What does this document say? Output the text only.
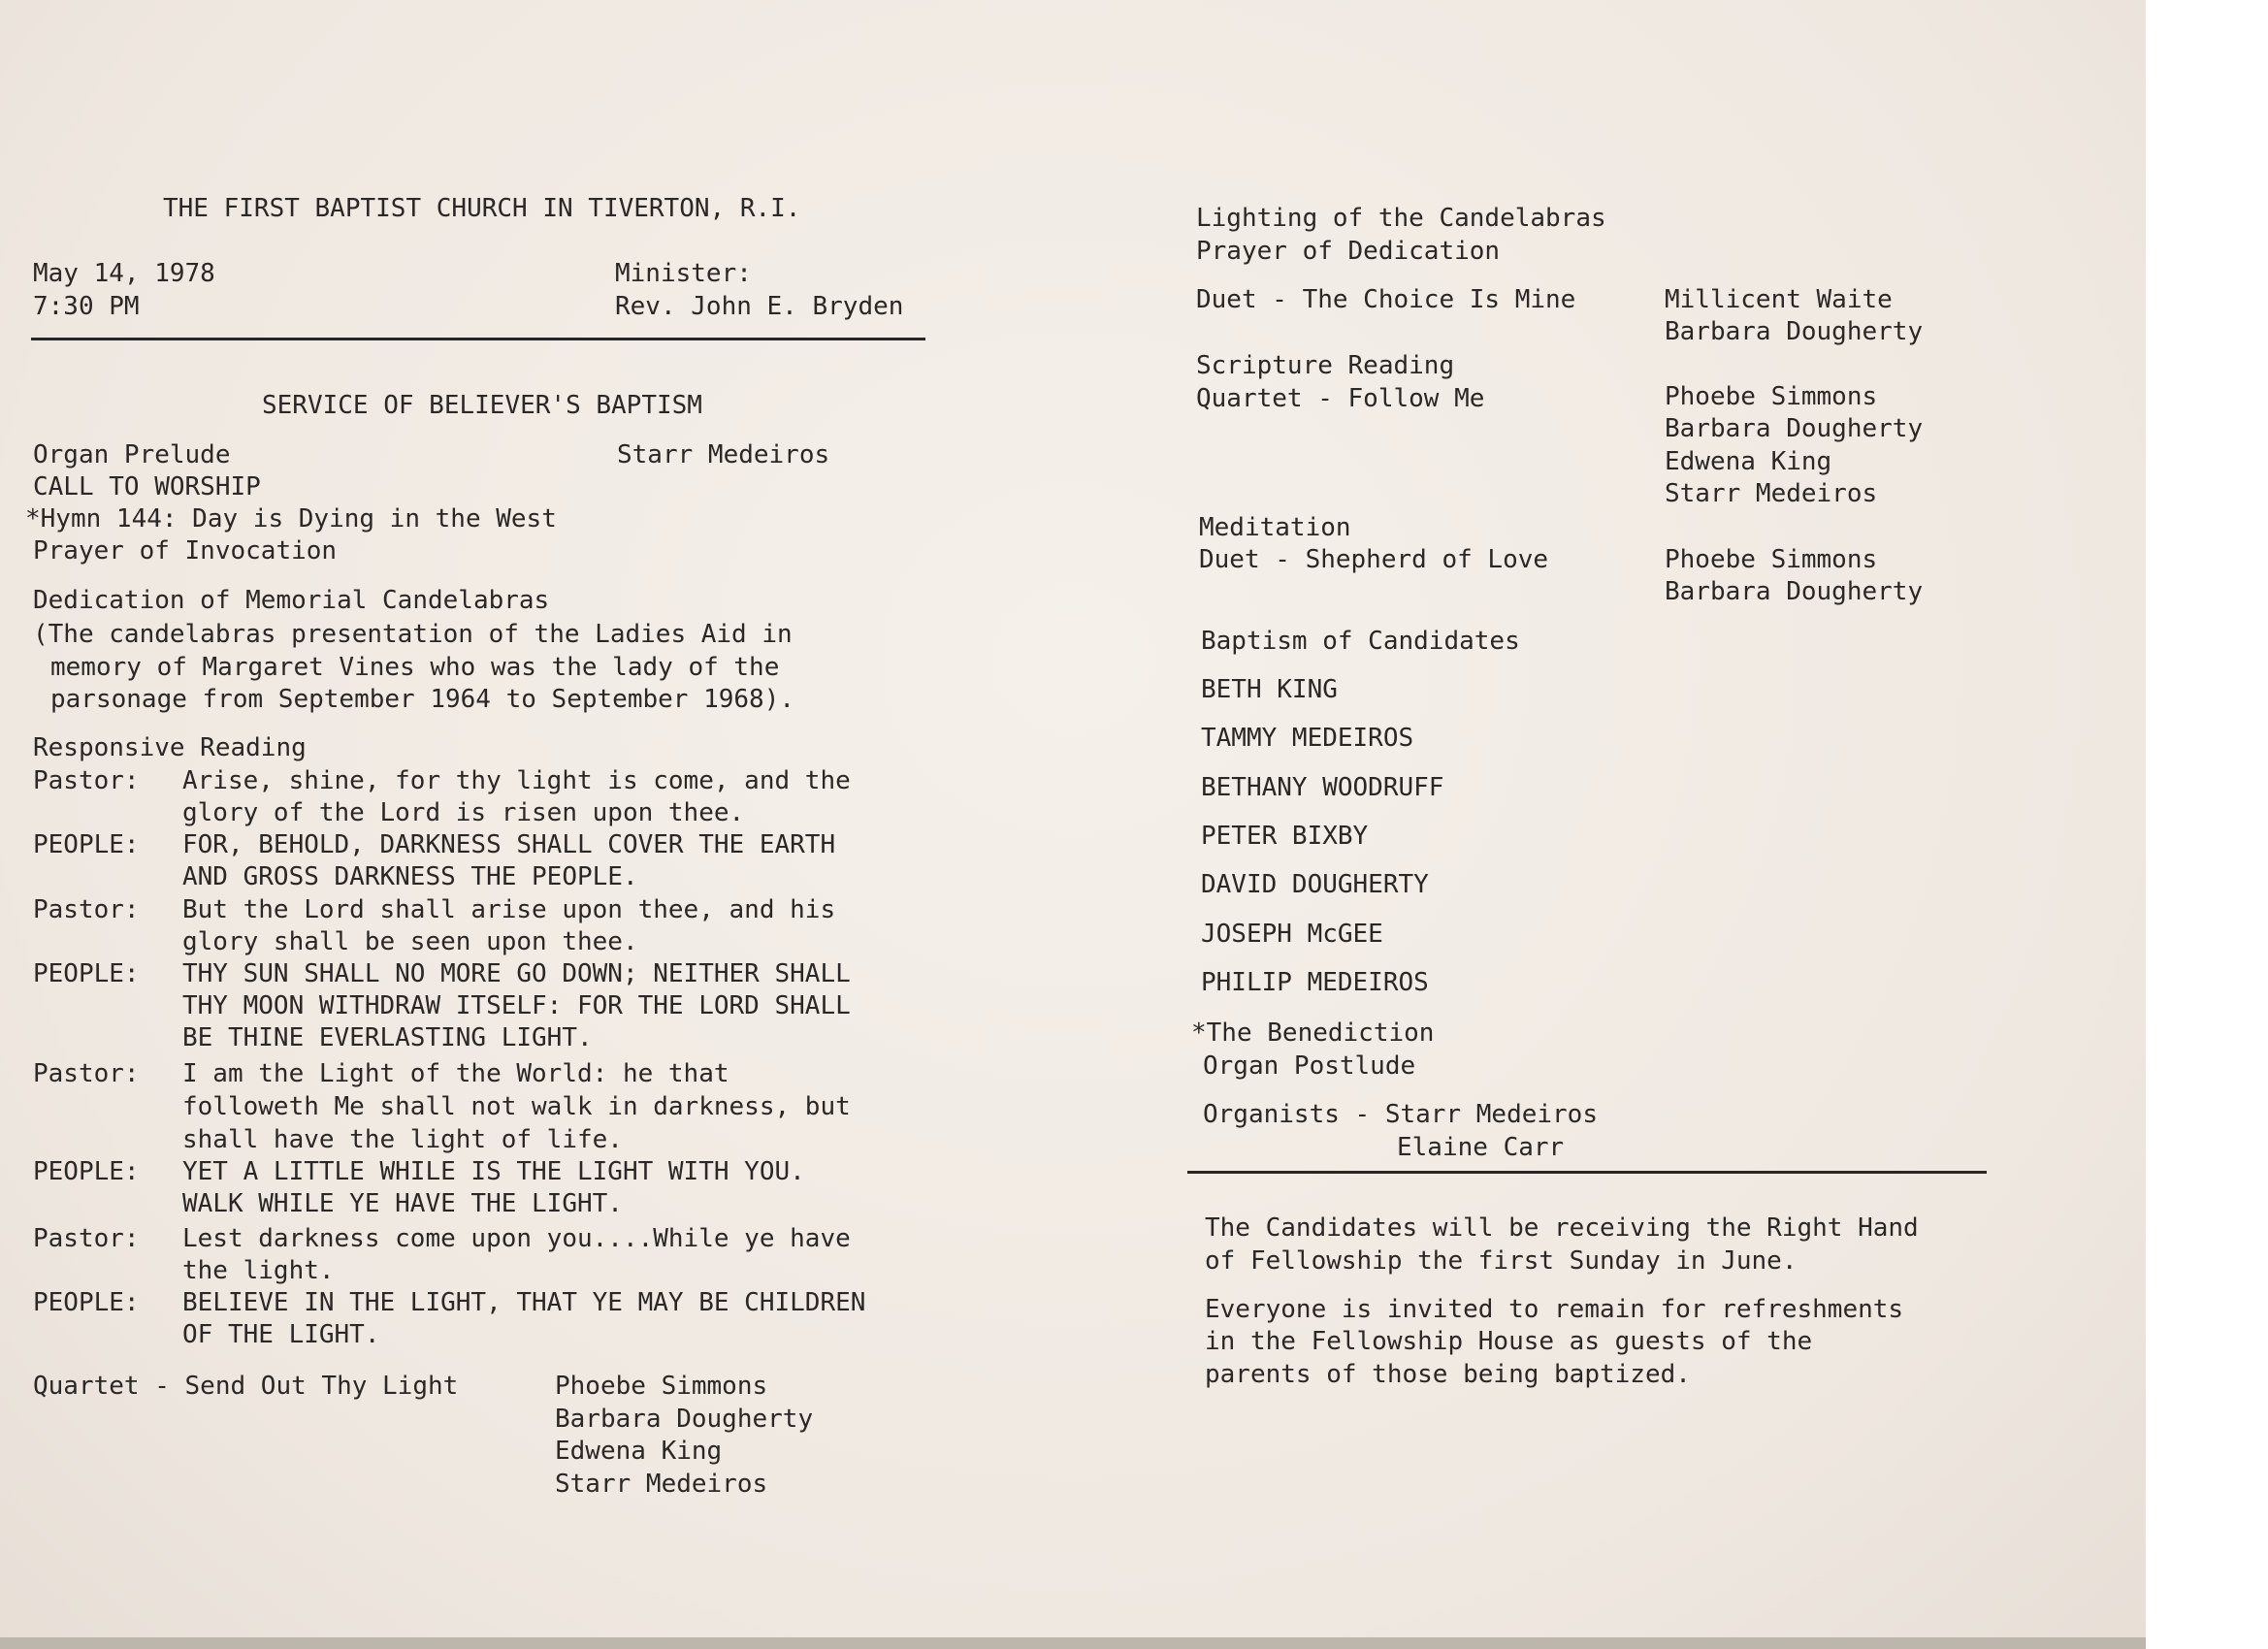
THE FIRST BAPTIST CHURCH IN TIVERTON, R.I.
May 14, 1978
7:30 PM
Minister:
Rev. John E. Bryden
SERVICE OF BELIEVER'S BAPTISM
Organ Prelude	Starr Medeiros
CALL TO WORSHIP
*Hymn 144: Day is Dying in the West
Prayer of Invocation
Dedication of Memorial Candelabras
(The candelabras presentation of the Ladies Aid in
memory of Margaret Vines who was the lady of the
parsonage from September 1964 to September 1968).
Responsive Reading
Pastor: Arise, shine, for thy light is come, and the
glory of the Lord is risen upon thee.
PEOPLE: FOR, BEHOLD, DARKNESS SHALL COVER THE EARTH
AND GROSS DARKNESS THE PEOPLE.
Pastor: But the Lord shall arise upon thee, and his
glory shall be seen upon thee.
PEOPLE: THY SUN SHALL NO MORE GO DOWN; NEITHER SHALL
THY MOON WITHDRAW ITSELF: FOR THE LORD SHALL
BE THINE EVERLASTING LIGHT.
Pastor: I am the Light of the World: he that
followeth Me shall not walk in darkness, but
shall have the light of life.
PEOPLE: YET A LITTLE WHILE IS THE LIGHT WITH YOU.
WALK WHILE YE HAVE THE LIGHT.
Pastor: Lest darkness come upon you....While ye have
the light.
PEOPLE: BELIEVE IN THE LIGHT, THAT YE MAY BE CHILDREN
OF THE LIGHT.
Quartet - Send Out Thy Light	Phoebe Simmons
Barbara Dougherty
Edwena King
Starr Medeiros
Lighting of the Candelabras
Prayer of Dedication
Duet - The Choice Is Mine	Millicent Waite
Barbara Dougherty
Scripture Reading
Quartet - Follow Me	Phoebe Simmons
Barbara Dougherty
Edwena King
Starr Medeiros
Meditation
Duet - Shepherd of Love	Phoebe Simmons
Barbara Dougherty
Baptism of Candidates
BETH KING
TAMMY MEDEIROS
BETHANY WOODRUFF
PETER BIXBY
DAVID DOUGHERTY
JOSEPH McGEE
PHILIP MEDEIROS
*The Benediction
Organ Postlude
Organists - Starr Medeiros
Elaine Carr
The Candidates will be receiving the Right Hand
of Fellowship the first Sunday in June.
Everyone is invited to remain for refreshments
in the Fellowship House as guests of the
parents of those being baptized.
